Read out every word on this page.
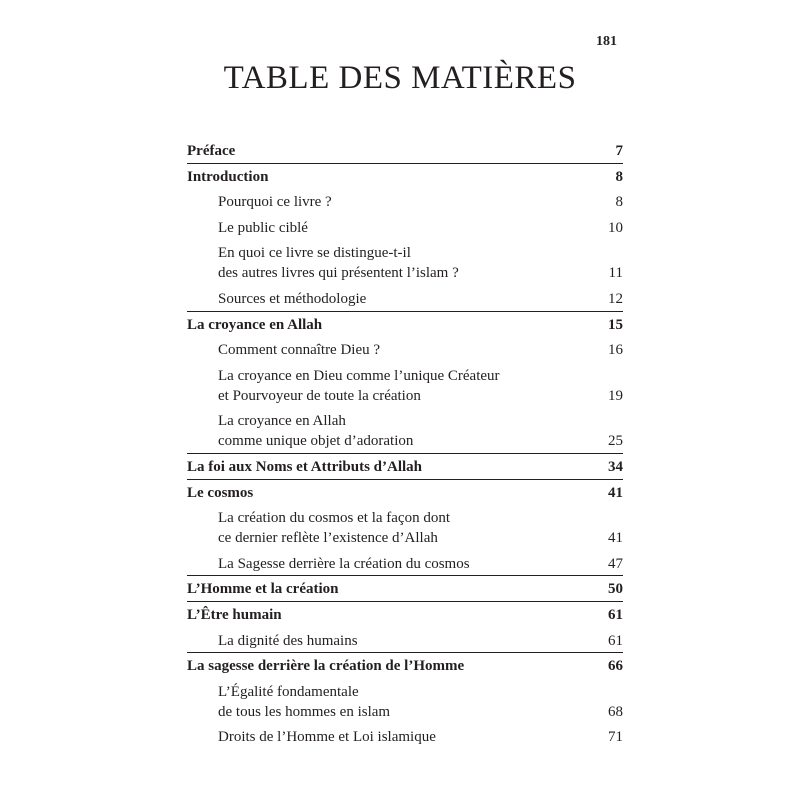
181
TABLE DES MATIÈRES
Préface	7
Introduction	8
Pourquoi ce livre ?	8
Le public ciblé	10
En quoi ce livre se distingue-t-il
des autres livres qui présentent l’islam ?	11
Sources et méthodologie	12
La croyance en Allah	15
Comment connaître Dieu ?	16
La croyance en Dieu comme l’unique Créateur
et Pourvoyeur de toute la création	19
La croyance en Allah
comme unique objet d’adoration	25
La foi aux Noms et Attributs d’Allah	34
Le cosmos	41
La création du cosmos et la façon dont
ce dernier reflète l’existence d’Allah	41
La Sagesse derrière la création du cosmos	47
L’Homme et la création	50
L’Être humain	61
La dignité des humains	61
La sagesse derrière la création de l’Homme	66
L’Égalité fondamentale
de tous les hommes en islam	68
Droits de l’Homme et Loi islamique	71
